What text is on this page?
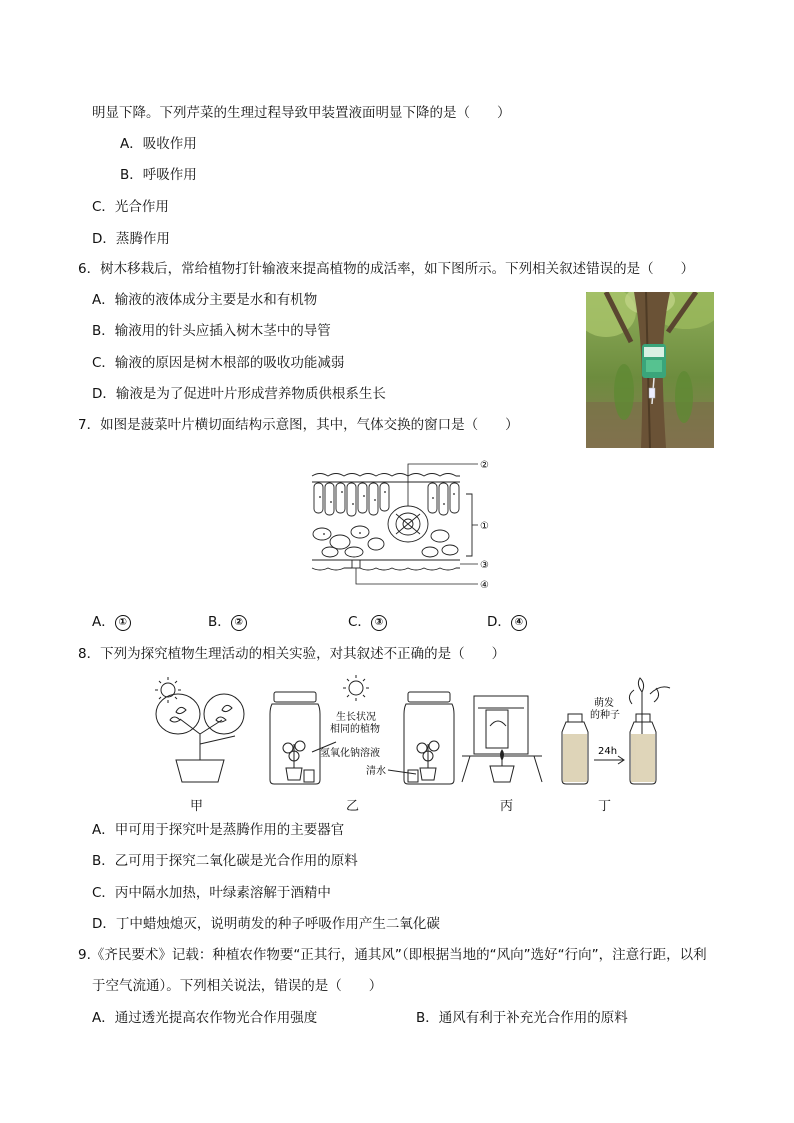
明显下降。下列芹菜的生理过程导致甲装置液面明显下降的是（　　）
A．吸收作用
B．呼吸作用
C．光合作用
D．蒸腾作用
6．树木移栽后，常给植物打针输液来提高植物的成活率，如下图所示。下列相关叙述错误的是（　　）
A．输液的液体成分主要是水和有机物
B．输液用的针头应插入树木茎中的导管
C．输液的原因是树木根部的吸收功能减弱
D．输液是为了促进叶片形成营养物质供根系生长
7．如图是菠菜叶片横切面结构示意图，其中，气体交换的窗口是（　　）
②
①
③
④
A． ①	B． ②	C． ③	D． ④
8．下列为探究植物生理活动的相关实验，对其叙述不正确的是（　　）
生长状况
相同的植物
氢氧化钠溶液
清水
萌发
的种子
24h
甲	乙	丙	丁
A．甲可用于探究叶是蒸腾作用的主要器官
B．乙可用于探究二氧化碳是光合作用的原料
C．丙中隔水加热，叶绿素溶解于酒精中
D．丁中蜡烛熄灭，说明萌发的种子呼吸作用产生二氧化碳
9.《齐民要术》记载：种植农作物要“正其行，通其风”（即根据当地的“风向”选好“行向”，注意行距，以利
于空气流通）。下列相关说法，错误的是（　　）
A．通过透光提高农作物光合作用强度	B．通风有利于补充光合作用的原料
